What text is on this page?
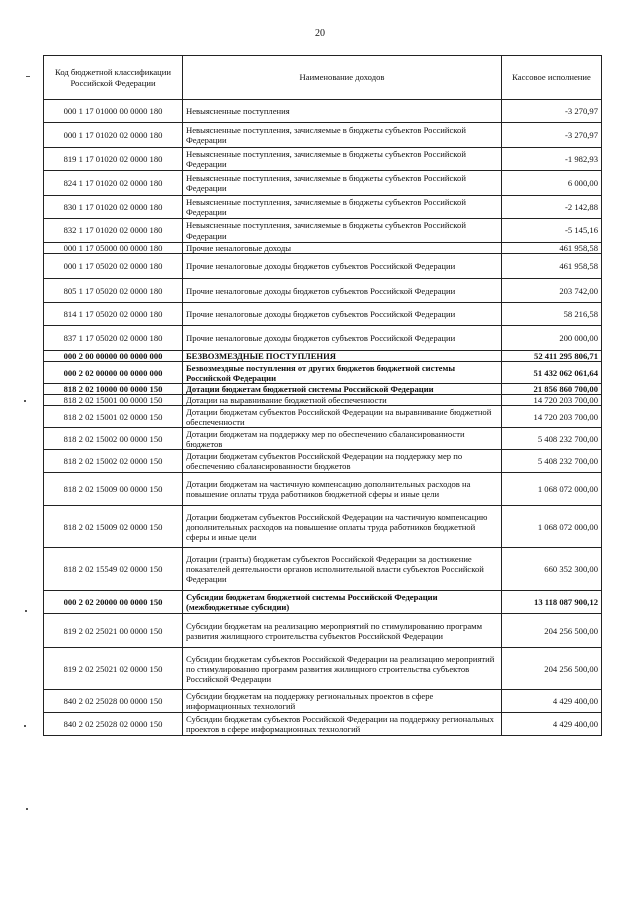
20
Код бюджетной классификации Российской Федерации	Наименование доходов	Кассовое исполнение
000 1 17 01000 00 0000 180	Невыясненные поступления	-3 270,97
000 1 17 01020 02 0000 180	Невыясненные поступления, зачисляемые в бюджеты субъектов Российской Федерации	-3 270,97
819 1 17 01020 02 0000 180	Невыясненные поступления, зачисляемые в бюджеты субъектов Российской Федерации	-1 982,93
824 1 17 01020 02 0000 180	Невыясненные поступления, зачисляемые в бюджеты субъектов Российской Федерации	6 000,00
830 1 17 01020 02 0000 180	Невыясненные поступления, зачисляемые в бюджеты субъектов Российской Федерации	-2 142,88
832 1 17 01020 02 0000 180	Невыясненные поступления, зачисляемые в бюджеты субъектов Российской Федерации	-5 145,16
000 1 17 05000 00 0000 180	Прочие неналоговые доходы	461 958,58
000 1 17 05020 02 0000 180	Прочие неналоговые доходы бюджетов субъектов Российской Федерации	461 958,58
805 1 17 05020 02 0000 180	Прочие неналоговые доходы бюджетов субъектов Российской Федерации	203 742,00
814 1 17 05020 02 0000 180	Прочие неналоговые доходы бюджетов субъектов Российской Федерации	58 216,58
837 1 17 05020 02 0000 180	Прочие неналоговые доходы бюджетов субъектов Российской Федерации	200 000,00
000 2 00 00000 00 0000 000	БЕЗВОЗМЕЗДНЫЕ ПОСТУПЛЕНИЯ	52 411 295 806,71
000 2 02 00000 00 0000 000	Безвозмездные поступления от других бюджетов бюджетной системы Российской Федерации	51 432 062 061,64
818 2 02 10000 00 0000 150	Дотации бюджетам бюджетной системы Российской Федерации	21 856 860 700,00
818 2 02 15001 00 0000 150	Дотации на выравнивание бюджетной обеспеченности	14 720 203 700,00
818 2 02 15001 02 0000 150	Дотации бюджетам субъектов Российской Федерации на выравнивание бюджетной обеспеченности	14 720 203 700,00
818 2 02 15002 00 0000 150	Дотации бюджетам на поддержку мер по обеспечению сбалансированности бюджетов	5 408 232 700,00
818 2 02 15002 02 0000 150	Дотации бюджетам субъектов Российской Федерации на поддержку мер по обеспечению сбалансированности бюджетов	5 408 232 700,00
818 2 02 15009 00 0000 150	Дотации бюджетам на частичную компенсацию дополнительных расходов на повышение оплаты труда работников бюджетной сферы и иные цели	1 068 072 000,00
818 2 02 15009 02 0000 150	Дотации бюджетам субъектов Российской Федерации на частичную компенсацию дополнительных расходов на повышение оплаты труда работников бюджетной сферы и иные цели	1 068 072 000,00
818 2 02 15549 02 0000 150	Дотации (гранты) бюджетам субъектов Российской Федерации за достижение показателей деятельности органов исполнительной власти субъектов Российской Федерации	660 352 300,00
000 2 02 20000 00 0000 150	Субсидии бюджетам бюджетной системы Российской Федерации (межбюджетные субсидии)	13 118 087 900,12
819 2 02 25021 00 0000 150	Субсидии бюджетам на реализацию мероприятий по стимулированию программ развития жилищного строительства субъектов Российской Федерации	204 256 500,00
819 2 02 25021 02 0000 150	Субсидии бюджетам субъектов Российской Федерации на реализацию мероприятий по стимулированию программ развития жилищного строительства субъектов Российской Федерации	204 256 500,00
840 2 02 25028 00 0000 150	Субсидии бюджетам на поддержку региональных проектов в сфере информационных технологий	4 429 400,00
840 2 02 25028 02 0000 150	Субсидии бюджетам субъектов Российской Федерации на поддержку региональных проектов в сфере информационных технологий	4 429 400,00
